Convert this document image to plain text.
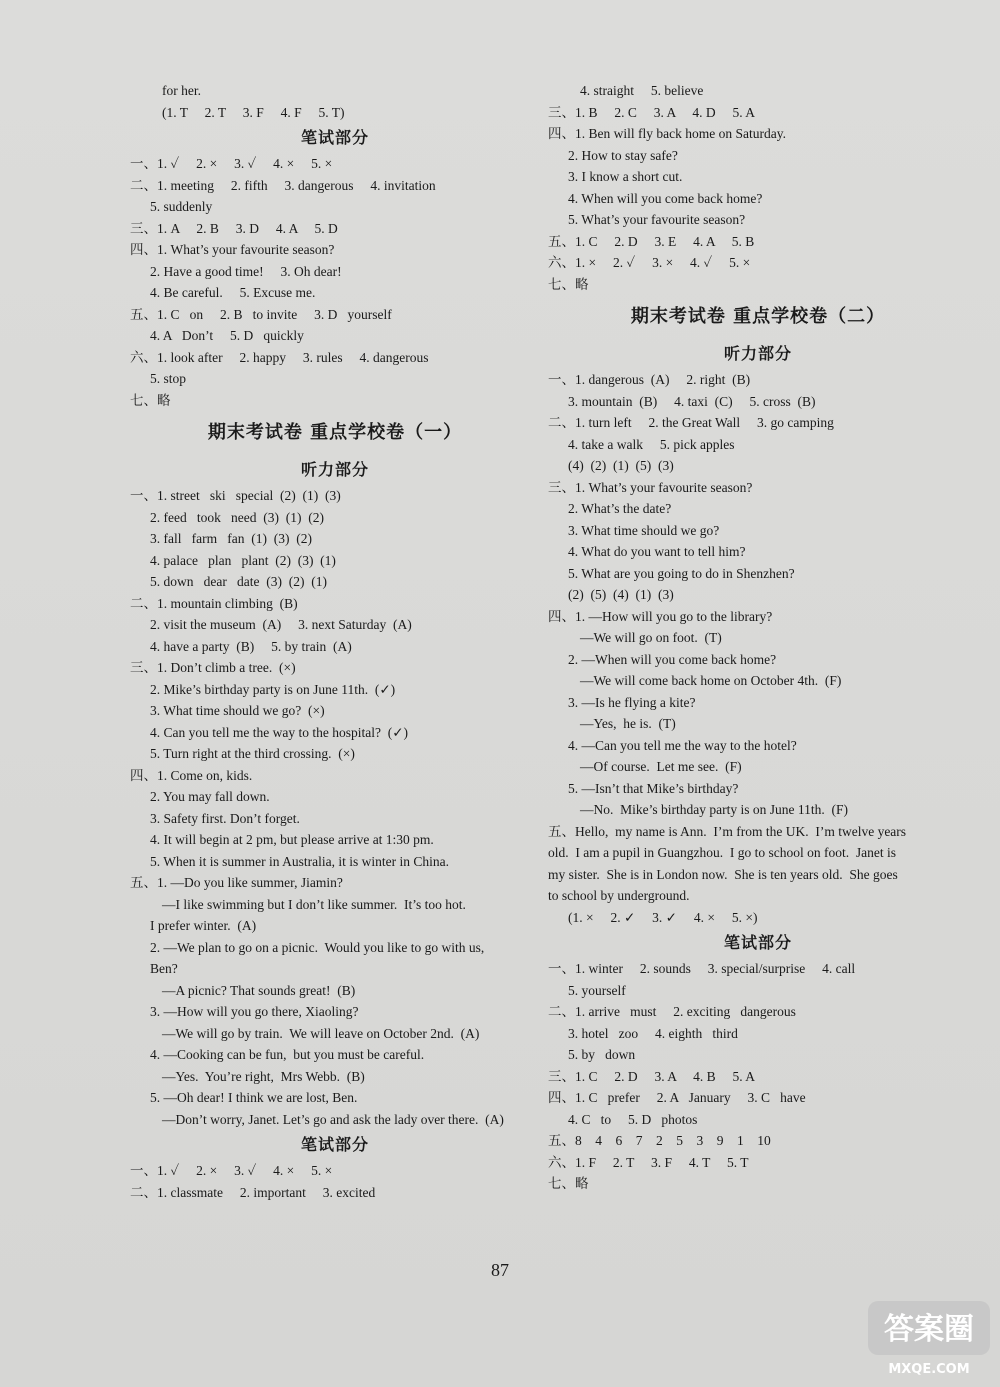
for her.
(1. T     2. T     3. F     4. F     5. T)
笔试部分
一、1. ✓     2. ×     3. ✓     4. ×     5. ×
二、1. meeting     2. fifth     3. dangerous     4. invitation
5. suddenly
三、1. A     2. B     3. D     4. A     5. D
四、1. What’s your favourite season?
2. Have a good time!     3. Oh dear!
4. Be careful.     5. Excuse me.
五、1. C   on     2. B   to invite     3. D   yourself
4. A   Don’t     5. D   quickly
六、1. look after     2. happy     3. rules     4. dangerous
5. stop
七、略
期末考试卷 重点学校卷（一）
听力部分
一、1. street   ski   special  (2)  (1)  (3)
2. feed   took   need  (3)  (1)  (2)
3. fall   farm   fan  (1)  (3)  (2)
4. palace   plan   plant  (2)  (3)  (1)
5. down   dear   date  (3)  (2)  (1)
二、1. mountain climbing  (B)
2. visit the museum  (A)     3. next Saturday  (A)
4. have a party  (B)     5. by train  (A)
三、1. Don’t climb a tree.  (×)
2. Mike’s birthday party is on June 11th.  (✓)
3. What time should we go?  (×)
4. Can you tell me the way to the hospital?  (✓)
5. Turn right at the third crossing.  (×)
四、1. Come on, kids.
2. You may fall down.
3. Safety first. Don’t forget.
4. It will begin at 2 pm, but please arrive at 1:30 pm.
5. When it is summer in Australia, it is winter in China.
五、1. —Do you like summer, Jiamin?
—I like swimming but I don’t like summer.  It’s too hot.
I prefer winter.  (A)
2. —We plan to go on a picnic.  Would you like to go with us,
Ben?
—A picnic? That sounds great!  (B)
3. —How will you go there, Xiaoling?
—We will go by train.  We will leave on October 2nd.  (A)
4. —Cooking can be fun,  but you must be careful.
—Yes.  You’re right,  Mrs Webb.  (B)
5. —Oh dear! I think we are lost, Ben.
—Don’t worry, Janet. Let’s go and ask the lady over there.  (A)
笔试部分
一、1. ✓     2. ×     3. ✓     4. ×     5. ×
二、1. classmate     2. important     3. excited
4. straight     5. believe
三、1. B     2. C     3. A     4. D     5. A
四、1. Ben will fly back home on Saturday.
2. How to stay safe?
3. I know a short cut.
4. When will you come back home?
5. What’s your favourite season?
五、1. C     2. D     3. E     4. A     5. B
六、1. ×     2. ✓     3. ×     4. ✓     5. ×
七、略
期末考试卷 重点学校卷（二）
听力部分
一、1. dangerous  (A)     2. right  (B)
3. mountain  (B)     4. taxi  (C)     5. cross  (B)
二、1. turn left     2. the Great Wall     3. go camping
4. take a walk     5. pick apples
(4)  (2)  (1)  (5)  (3)
三、1. What’s your favourite season?
2. What’s the date?
3. What time should we go?
4. What do you want to tell him?
5. What are you going to do in Shenzhen?
(2)  (5)  (4)  (1)  (3)
四、1. —How will you go to the library?
—We will go on foot.  (T)
2. —When will you come back home?
—We will come back home on October 4th.  (F)
3. —Is he flying a kite?
—Yes,  he is.  (T)
4. —Can you tell me the way to the hotel?
—Of course.  Let me see.  (F)
5. —Isn’t that Mike’s birthday?
—No.  Mike’s birthday party is on June 11th.  (F)
五、Hello,  my name is Ann.  I’m from the UK.  I’m twelve years
old.  I am a pupil in Guangzhou.  I go to school on foot.  Janet is
my sister.  She is in London now.  She is ten years old.  She goes
to school by underground.
(1. ×     2. ✓     3. ✓     4. ×     5. ×)
笔试部分
一、1. winter     2. sounds     3. special/surprise     4. call
5. yourself
二、1. arrive   must     2. exciting   dangerous
3. hotel   zoo     4. eighth   third
5. by   down
三、1. C     2. D     3. A     4. B     5. A
四、1. C   prefer     2. A   January     3. C   have
4. C   to     5. D   photos
五、8    4    6    7    2    5    3    9    1    10
六、1. F     2. T     3. F     4. T     5. T
七、略
87
答案圈
MXQE.COM
